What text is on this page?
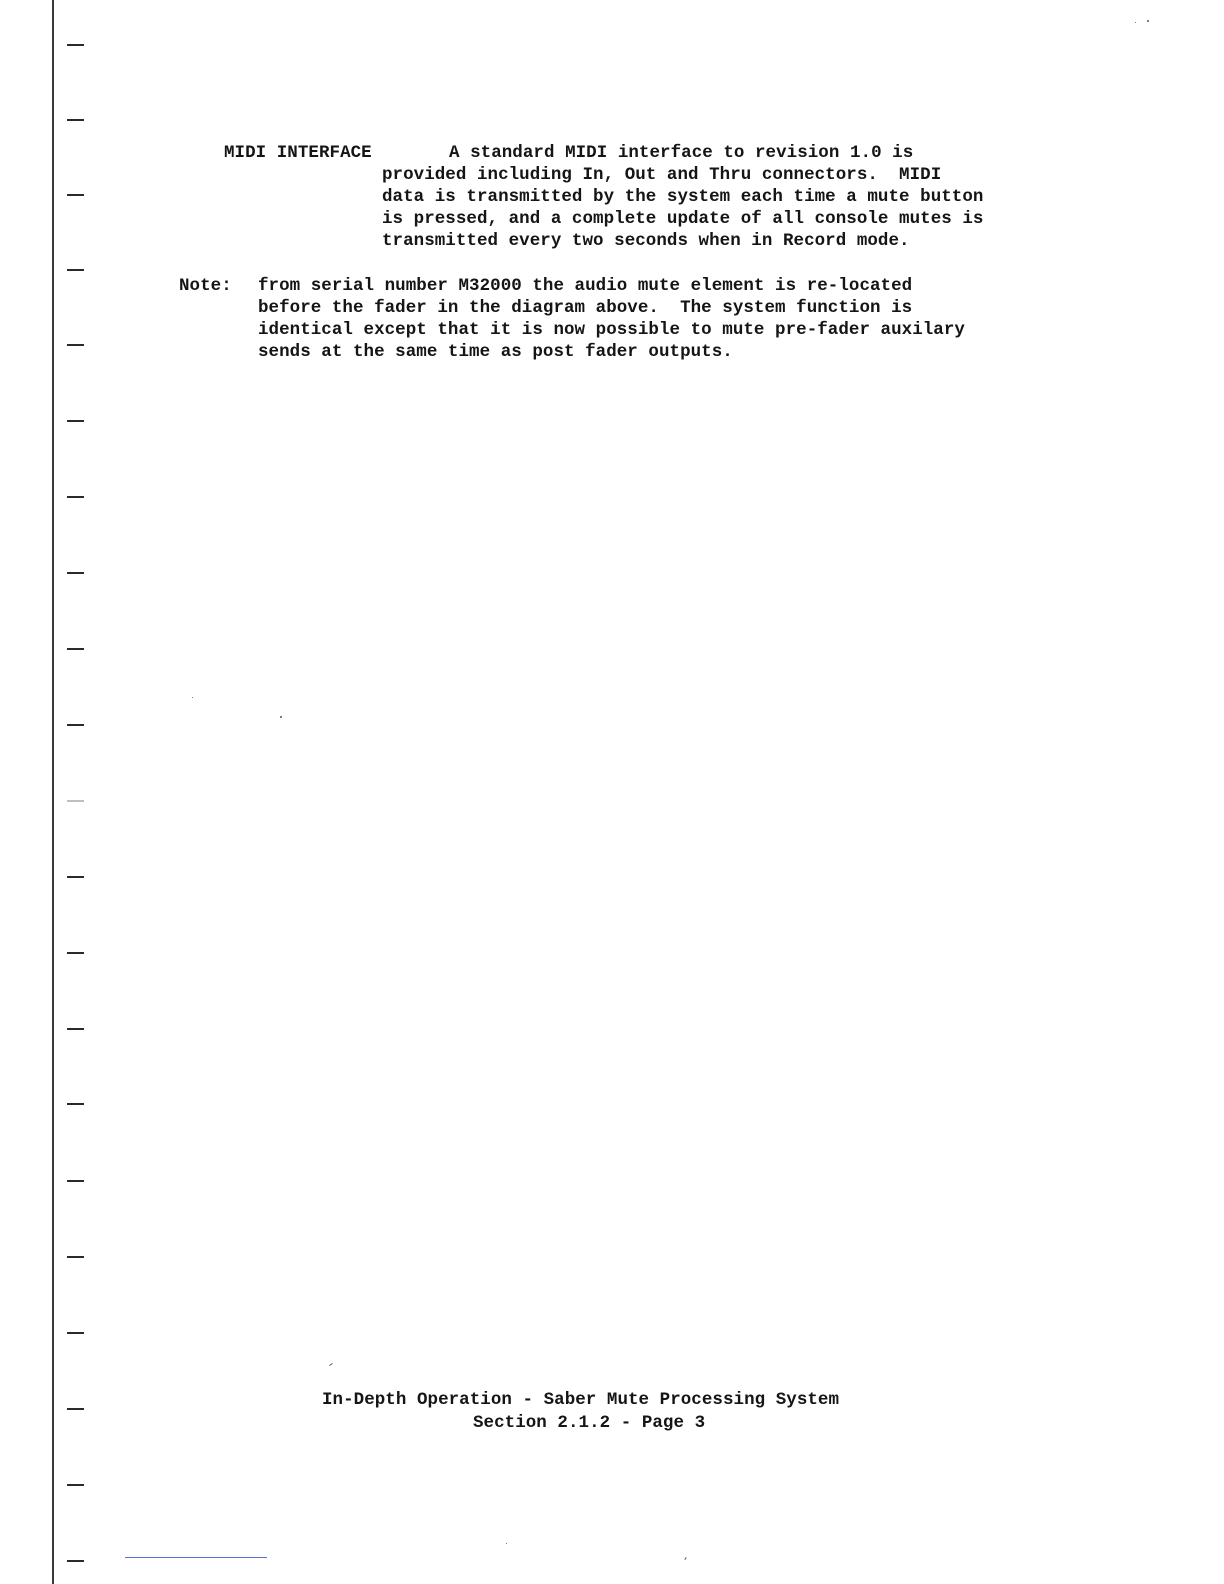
MIDI INTERFACE	A standard MIDI interface to revision 1.0 is
provided including In, Out and Thru connectors.  MIDI
data is transmitted by the system each time a mute button
is pressed, and a complete update of all console mutes is
transmitted every two seconds when in Record mode.
Note: from serial number M32000 the audio mute element is re-located
before the fader in the diagram above.  The system function is
identical except that it is now possible to mute pre-fader auxilary
sends at the same time as post fader outputs.
In-Depth Operation - Saber Mute Processing System
Section 2.1.2 - Page 3
